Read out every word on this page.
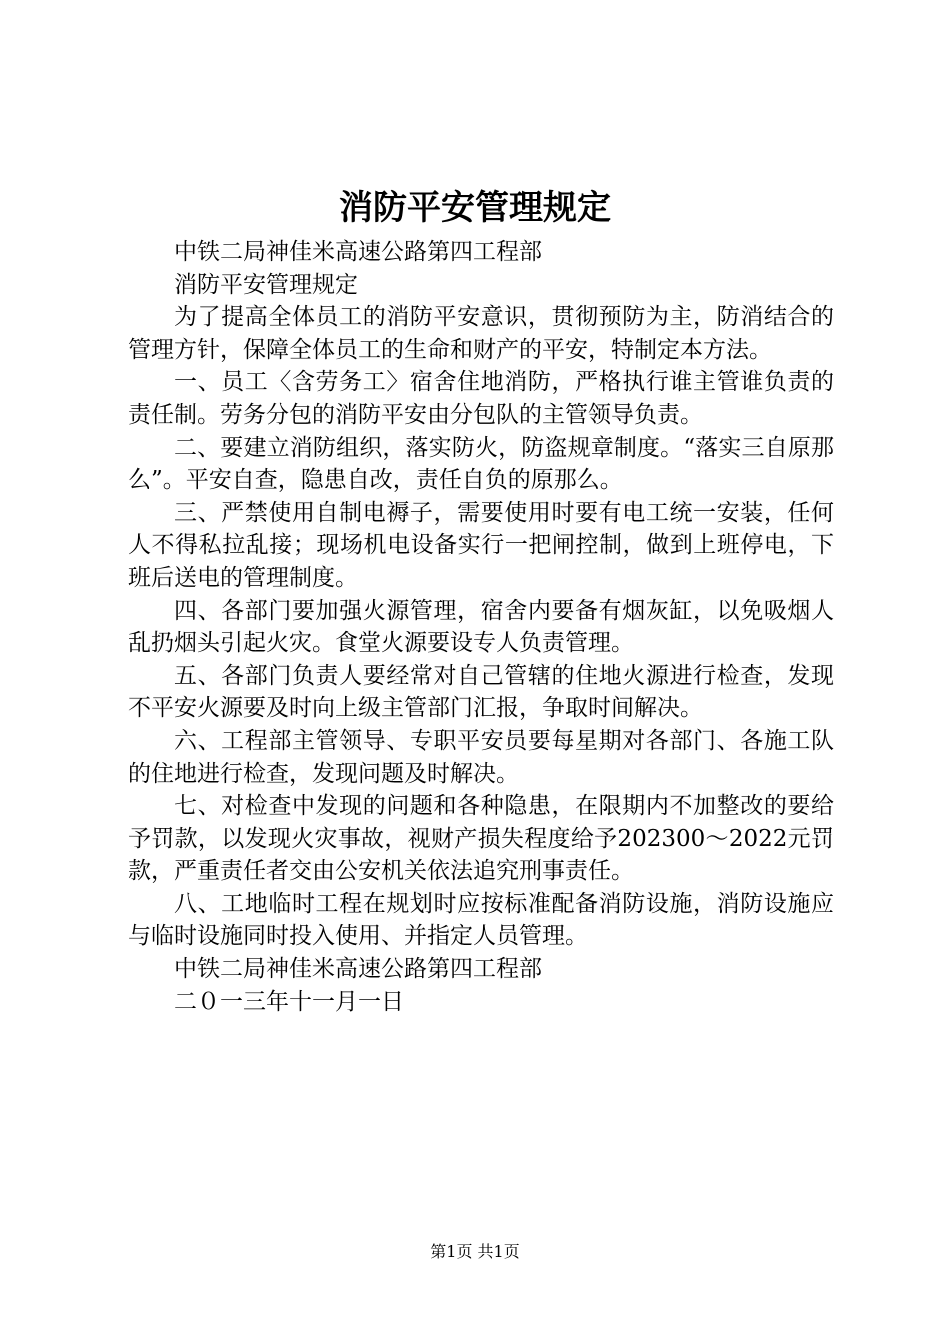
消防平安管理规定

中铁二局神佳米高速公路第四工程部

消防平安管理规定

为了提高全体员工的消防平安意识，贯彻预防为主，防消结合的管理方针，保障全体员工的生命和财产的平安，特制定本方法。

一、员工〈含劳务工〉宿舍住地消防，严格执行谁主管谁负责的责任制。劳务分包的消防平安由分包队的主管领导负责。

二、要建立消防组织，落实防火，防盗规章制度。“落实三自原那么”。平安自查，隐患自改，责任自负的原那么。

三、严禁使用自制电褥子，需要使用时要有电工统一安装，任何人不得私拉乱接；现场机电设备实行一把闸控制，做到上班停电，下班后送电的管理制度。

四、各部门要加强火源管理，宿舍内要备有烟灰缸，以免吸烟人乱扔烟头引起火灾。食堂火源要设专人负责管理。

五、各部门负责人要经常对自己管辖的住地火源进行检查，发现不平安火源要及时向上级主管部门汇报，争取时间解决。

六、工程部主管领导、专职平安员要每星期对各部门、各施工队的住地进行检查，发现问题及时解决。

七、对检查中发现的问题和各种隐患，在限期内不加整改的要给予罚款，以发现火灾事故，视财产损失程度给予202300～2022元罚款，严重责任者交由公安机关依法追究刑事责任。

八、工地临时工程在规划时应按标准配备消防设施，消防设施应与临时设施同时投入使用、并指定人员管理。

中铁二局神佳米高速公路第四工程部

二０一三年十一月一日

第1页 共1页
